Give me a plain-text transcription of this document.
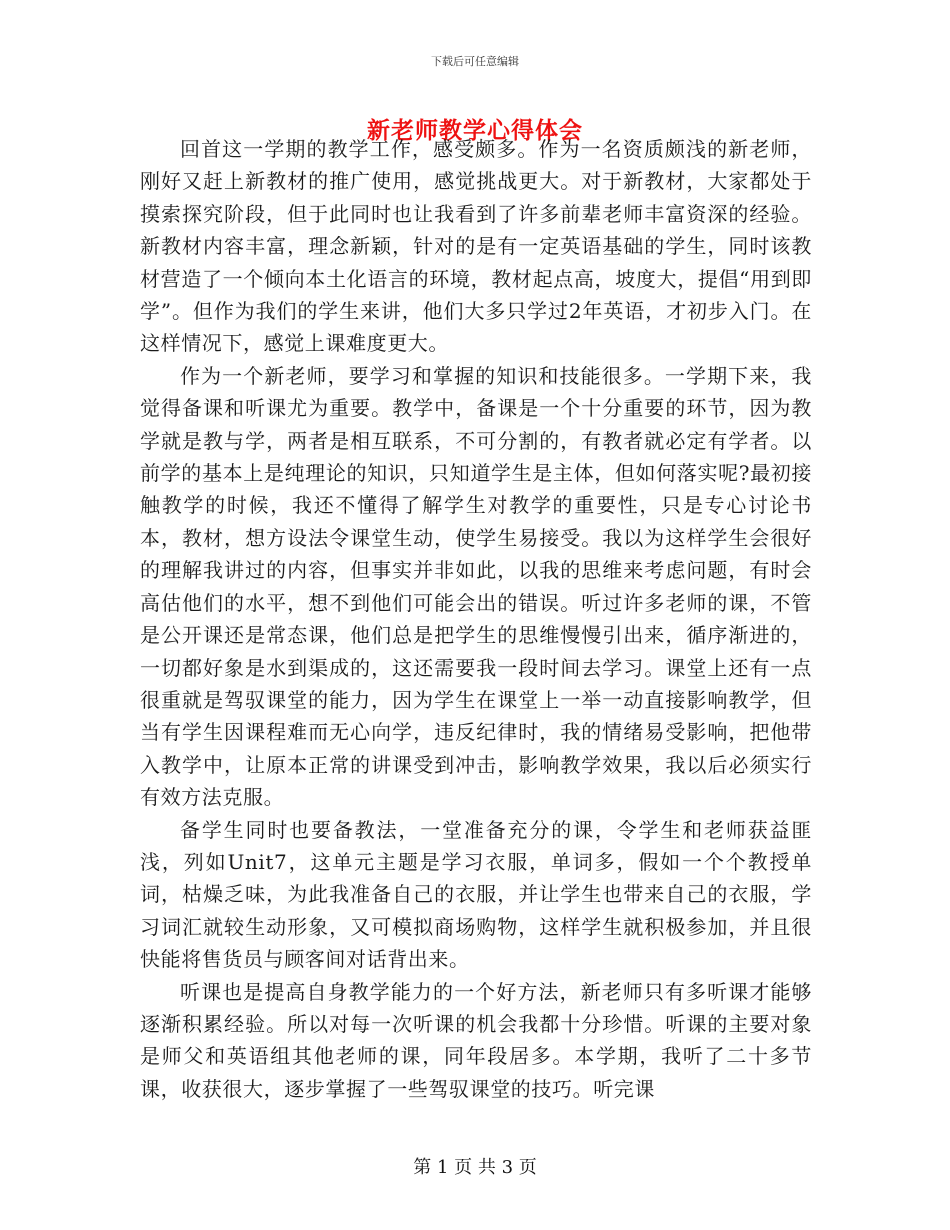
下载后可任意编辑
新老师教学心得体会

回首这一学期的教学工作，感受颇多。作为一名资质颇浅的新老师，刚好又赶上新教材的推广使用，感觉挑战更大。对于新教材，大家都处于摸索探究阶段，但于此同时也让我看到了许多前辈老师丰富资深的经验。新教材内容丰富，理念新颖，针对的是有一定英语基础的学生，同时该教材营造了一个倾向本土化语言的环境，教材起点高，坡度大，提倡“用到即学”。但作为我们的学生来讲，他们大多只学过2年英语，才初步入门。在这样情况下，感觉上课难度更大。

作为一个新老师，要学习和掌握的知识和技能很多。一学期下来，我觉得备课和听课尤为重要。教学中，备课是一个十分重要的环节，因为教学就是教与学，两者是相互联系，不可分割的，有教者就必定有学者。以前学的基本上是纯理论的知识，只知道学生是主体，但如何落实呢?最初接触教学的时候，我还不懂得了解学生对教学的重要性，只是专心讨论书本，教材，想方设法令课堂生动，使学生易接受。我以为这样学生会很好的理解我讲过的内容，但事实并非如此，以我的思维来考虑问题，有时会高估他们的水平，想不到他们可能会出的错误。听过许多老师的课，不管是公开课还是常态课，他们总是把学生的思维慢慢引出来，循序渐进的，一切都好象是水到渠成的，这还需要我一段时间去学习。课堂上还有一点很重就是驾驭课堂的能力，因为学生在课堂上一举一动直接影响教学，但当有学生因课程难而无心向学，违反纪律时，我的情绪易受影响，把他带入教学中，让原本正常的讲课受到冲击，影响教学效果，我以后必须实行有效方法克服。

备学生同时也要备教法，一堂准备充分的课，令学生和老师获益匪浅，列如Unit7，这单元主题是学习衣服，单词多，假如一个个教授单词，枯燥乏味，为此我准备自己的衣服，并让学生也带来自己的衣服，学习词汇就较生动形象，又可模拟商场购物，这样学生就积极参加，并且很快能将售货员与顾客间对话背出来。

听课也是提高自身教学能力的一个好方法，新老师只有多听课才能够逐渐积累经验。所以对每一次听课的机会我都十分珍惜。听课的主要对象是师父和英语组其他老师的课，同年段居多。本学期，我听了二十多节课，收获很大，逐步掌握了一些驾驭课堂的技巧。听完课

第 1 页 共 3 页
